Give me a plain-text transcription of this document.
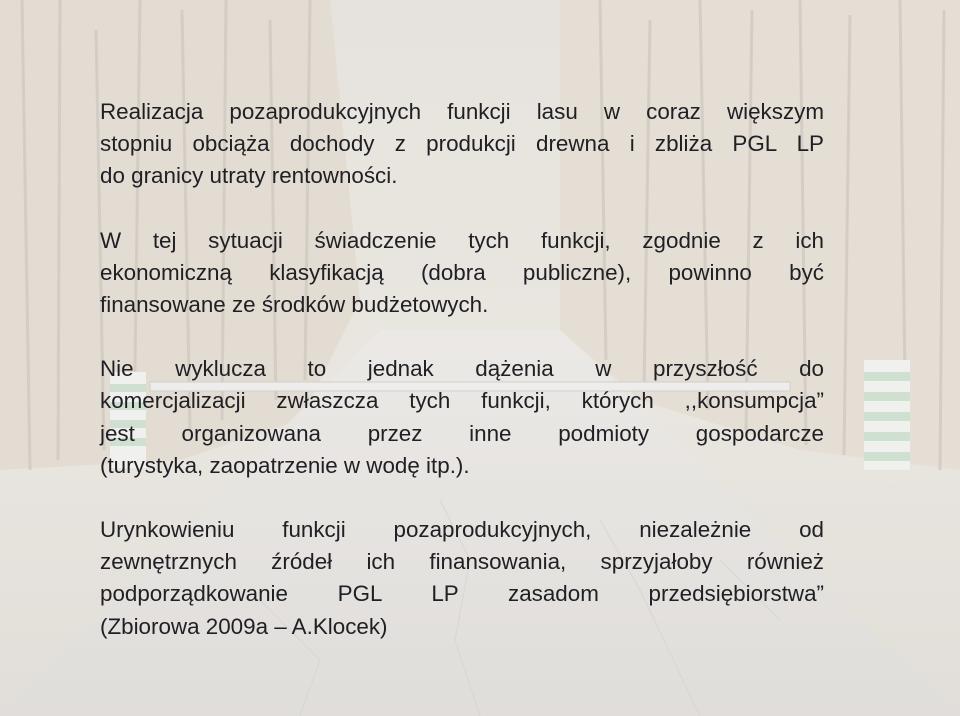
Realizacja pozaprodukcyjnych funkcji lasu w coraz większym
stopniu obciąża dochody z produkcji drewna i zbliża PGL LP
do granicy utraty rentowności.

W tej sytuacji świadczenie tych funkcji, zgodnie z ich
ekonomiczną klasyfikacją (dobra publiczne), powinno być
finansowane ze środków budżetowych.

Nie wyklucza to jednak dążenia w przyszłość do
komercjalizacji zwłaszcza tych funkcji, których ,,konsumpcja”
jest organizowana przez inne podmioty gospodarcze
(turystyka, zaopatrzenie w wodę itp.).

Urynkowieniu funkcji pozaprodukcyjnych, niezależnie od
zewnętrznych źródeł ich finansowania, sprzyjałoby również
podporządkowanie PGL LP zasadom przedsiębiorstwa”
(Zbiorowa 2009a – A.Klocek)
